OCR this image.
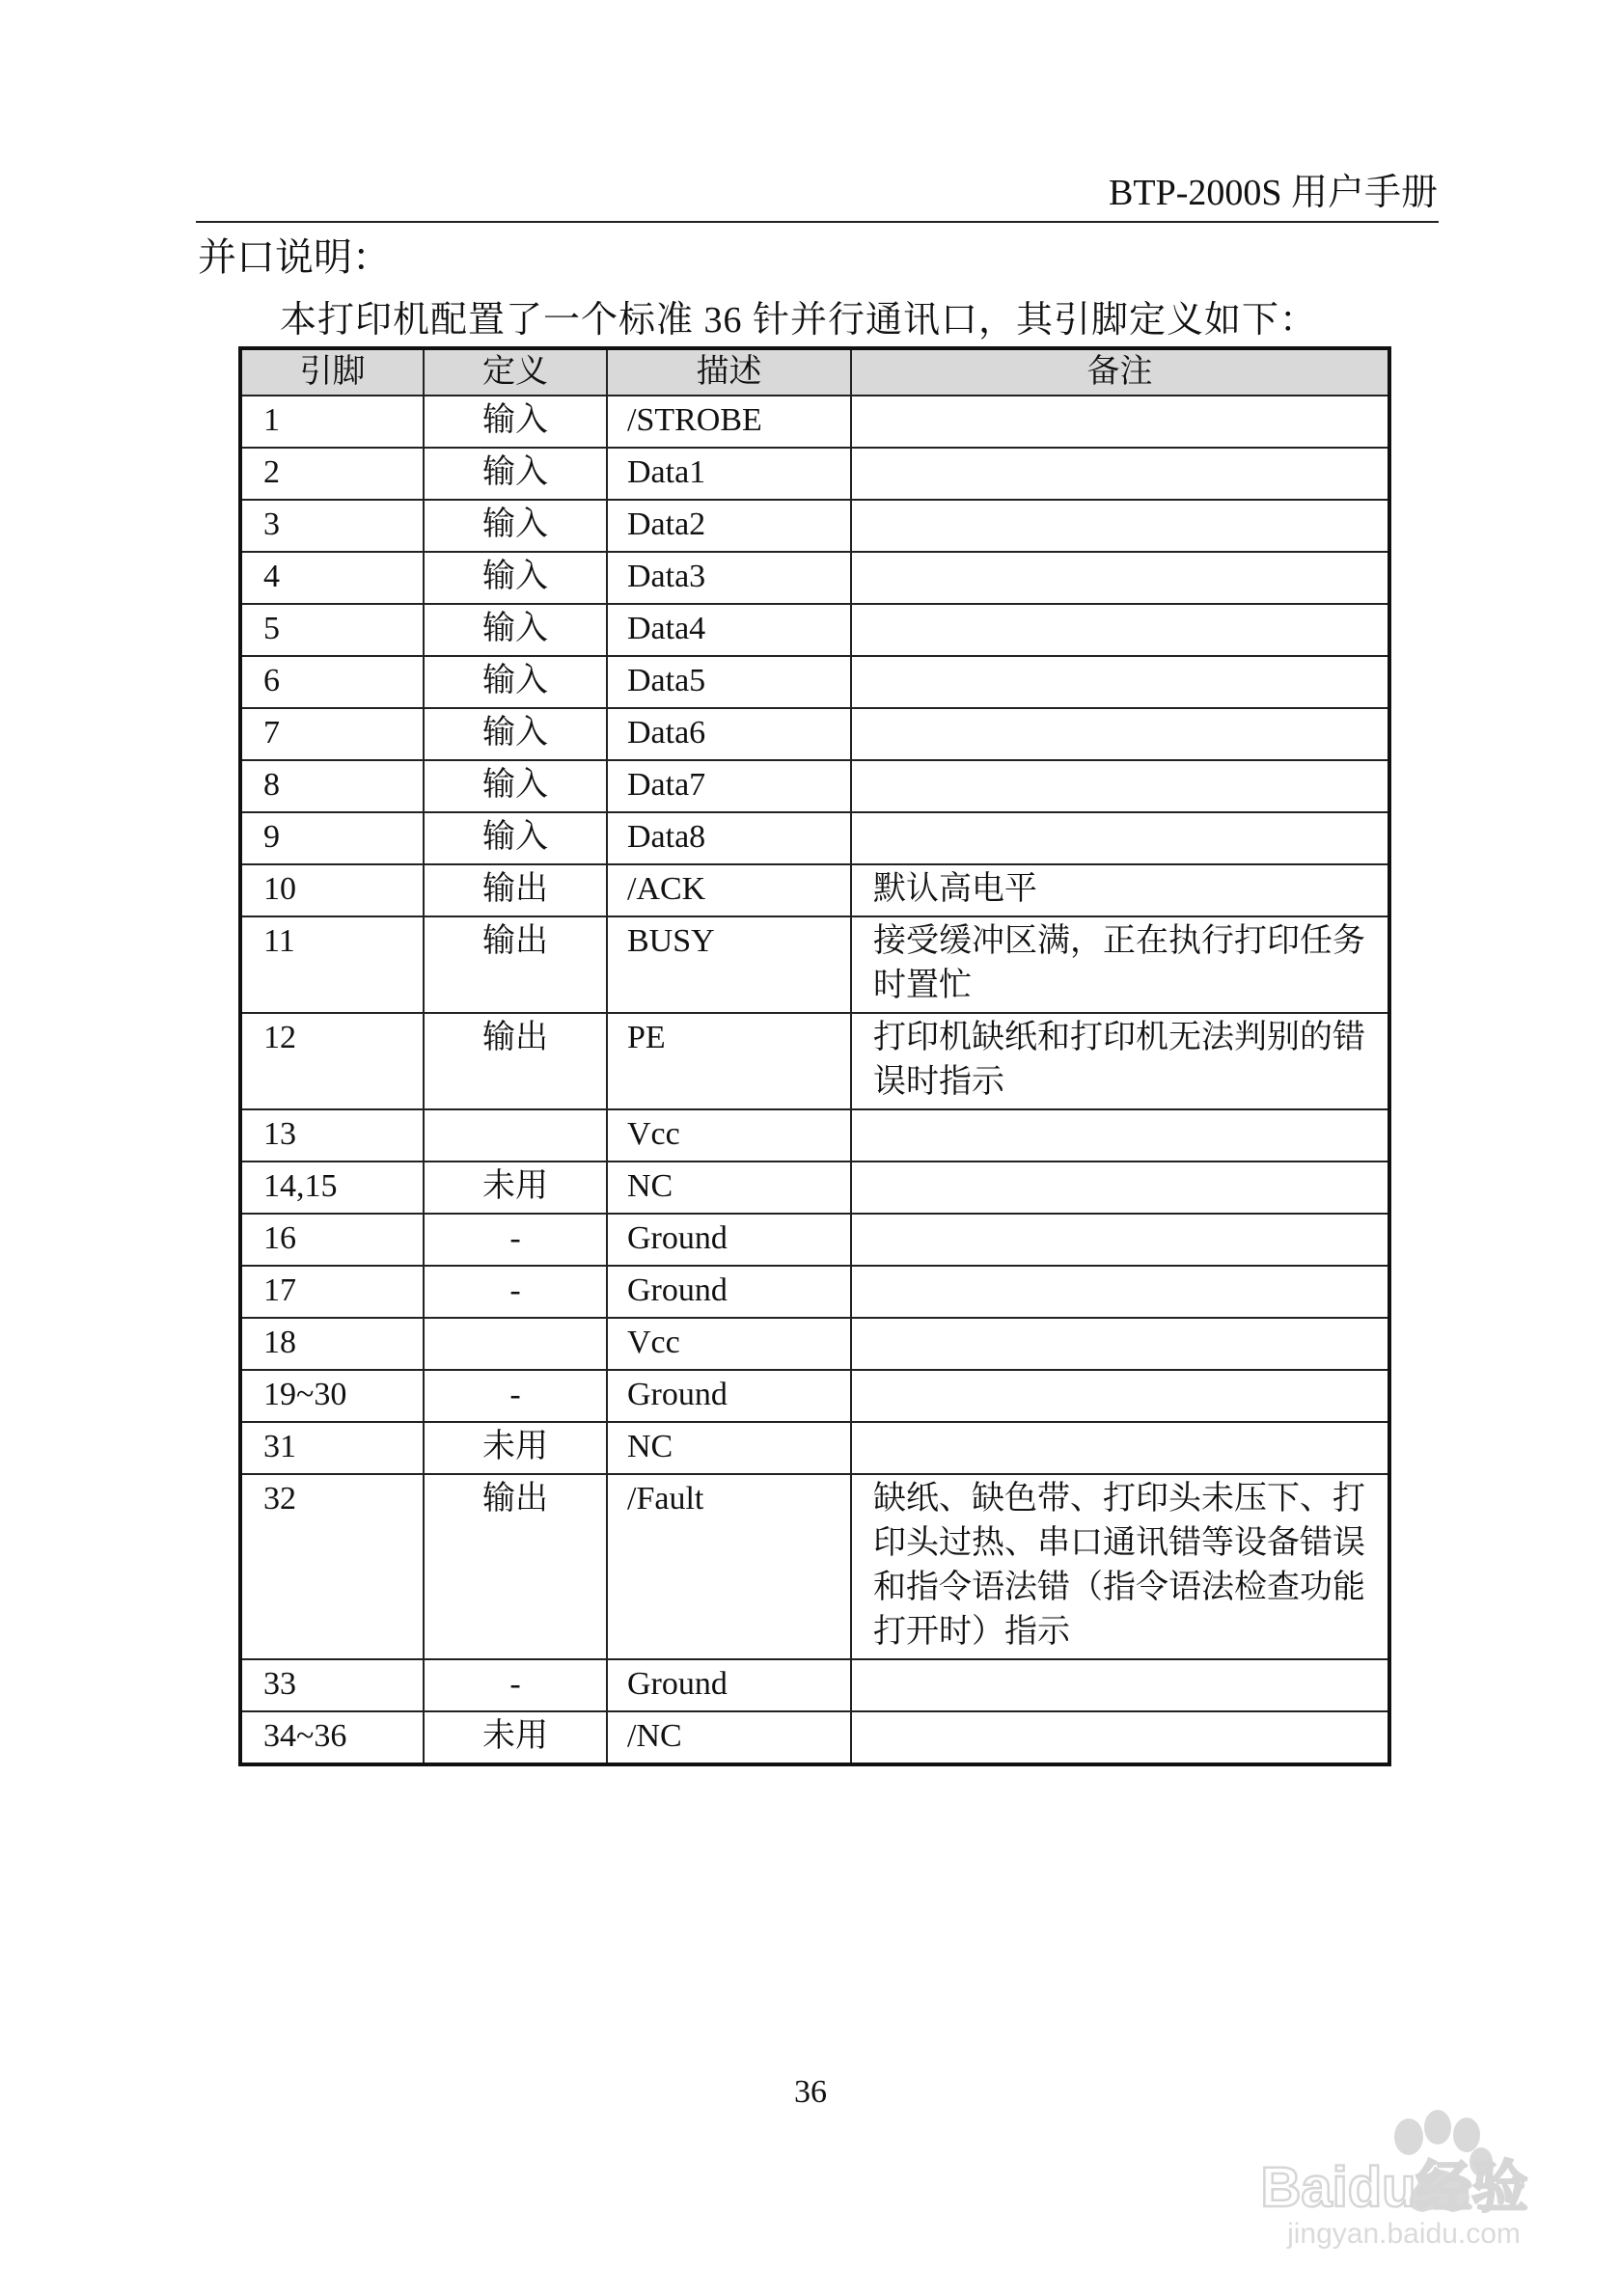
BTP-2000S 用户手册
并口说明：
本打印机配置了一个标准 36 针并行通讯口，其引脚定义如下：
引脚	定义	描述	备注
1	输入	/STROBE	
2	输入	Data1	
3	输入	Data2	
4	输入	Data3	
5	输入	Data4	
6	输入	Data5	
7	输入	Data6	
8	输入	Data7	
9	输入	Data8	
10	输出	/ACK	默认高电平
11	输出	BUSY	接受缓冲区满，正在执行打印任务时置忙
12	输出	PE	打印机缺纸和打印机无法判别的错误时指示
13		Vcc	
14,15	未用	NC	
16	-	Ground	
17	-	Ground	
18		Vcc	
19~30	-	Ground	
31	未用	NC	
32	输出	/Fault	缺纸、缺色带、打印头未压下、打印头过热、串口通讯错等设备错误和指令语法错（指令语法检查功能打开时）指示
33	-	Ground	
34~36	未用	/NC	
36
Baidu经验
jingyan.baidu.com
